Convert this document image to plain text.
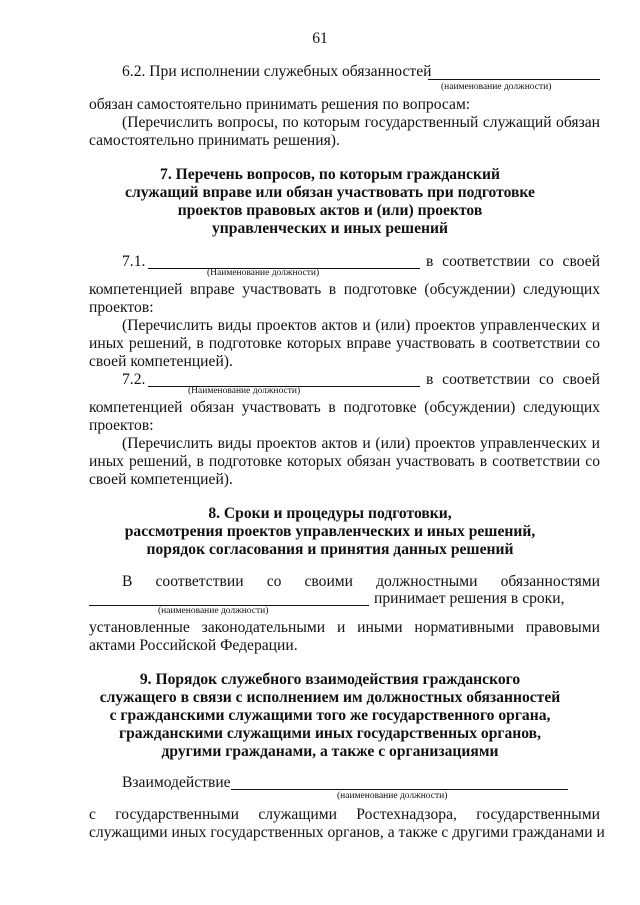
61
6.2. При исполнении служебных обязанностей
(наименование должности)
обязан самостоятельно принимать решения по вопросам:
(Перечислить вопросы, по которым государственный служащий обязан
самостоятельно принимать решения).
7. Перечень вопросов, по которым гражданский
служащий вправе или обязан участвовать при подготовке
проектов правовых актов и (или) проектов
управленческих и иных решений
7.1.	в соответствии со своей
(Наименование должности)
компетенцией вправе участвовать в подготовке (обсуждении) следующих
проектов:
(Перечислить виды проектов актов и (или) проектов управленческих и
иных решений, в подготовке которых вправе участвовать в соответствии со
своей компетенцией).
7.2.	в соответствии со своей
(Наименование должности)
компетенцией обязан участвовать в подготовке (обсуждении) следующих
проектов:
(Перечислить виды проектов актов и (или) проектов управленческих и
иных решений, в подготовке которых обязан участвовать в соответствии со
своей компетенцией).
8. Сроки и процедуры подготовки,
рассмотрения проектов управленческих и иных решений,
порядок согласования и принятия данных решений
В соответствии со своими должностными обязанностями
принимает решения в сроки,
(наименование должности)
установленные законодательными и иными нормативными правовыми
актами Российской Федерации.
9. Порядок служебного взаимодействия гражданского
служащего в связи с исполнением им должностных обязанностей
с гражданскими служащими того же государственного органа,
гражданскими служащими иных государственных органов,
другими гражданами, а также с организациями
Взаимодействие
(наименование должности)
с государственными служащими Ростехнадзора, государственными
служащими иных государственных органов, а также с другими гражданами и
